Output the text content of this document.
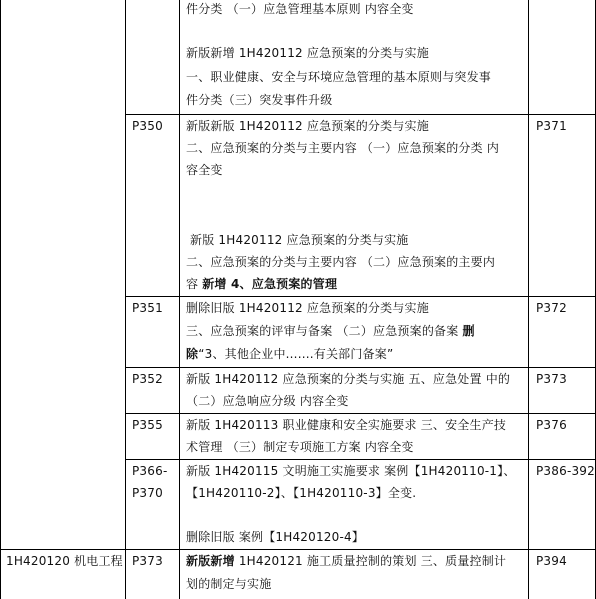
件分类 （一）应急管理基本原则 内容全变
新版新增 1H420112 应急预案的分类与实施
一、职业健康、安全与环境应急管理的基本原则与突发事
件分类（三）突发事件升级
P350 新版新版 1H420112 应急预案的分类与实施
二、应急预案的分类与主要内容 （一）应急预案的分类 内
容全变
新版 1H420112 应急预案的分类与实施
二、应急预案的分类与主要内容 （二）应急预案的主要内
容 新增 4、应急预案的管理
P371
P351 删除旧版 1H420112 应急预案的分类与实施
三、应急预案的评审与备案 （二）应急预案的备案 删
除“3、其他企业中.......有关部门备案”
P372
P352 新版 1H420112 应急预案的分类与实施 五、应急处置 中的
（二）应急响应分级 内容全变
P373
P355 新版 1H420113 职业健康和安全实施要求 三、安全生产技
术管理 （三）制定专项施工方案 内容全变
P376
P366-
P370
新版 1H420115 文明施工实施要求 案例【1H420110-1】、
【1H420110-2】、【1H420110-3】全变.
删除旧版 案例【1H420120-4】
P386-392
1H420120 机电工程 P373 新版新增 1H420121 施工质量控制的策划 三、质量控制计
划的制定与实施
P394
